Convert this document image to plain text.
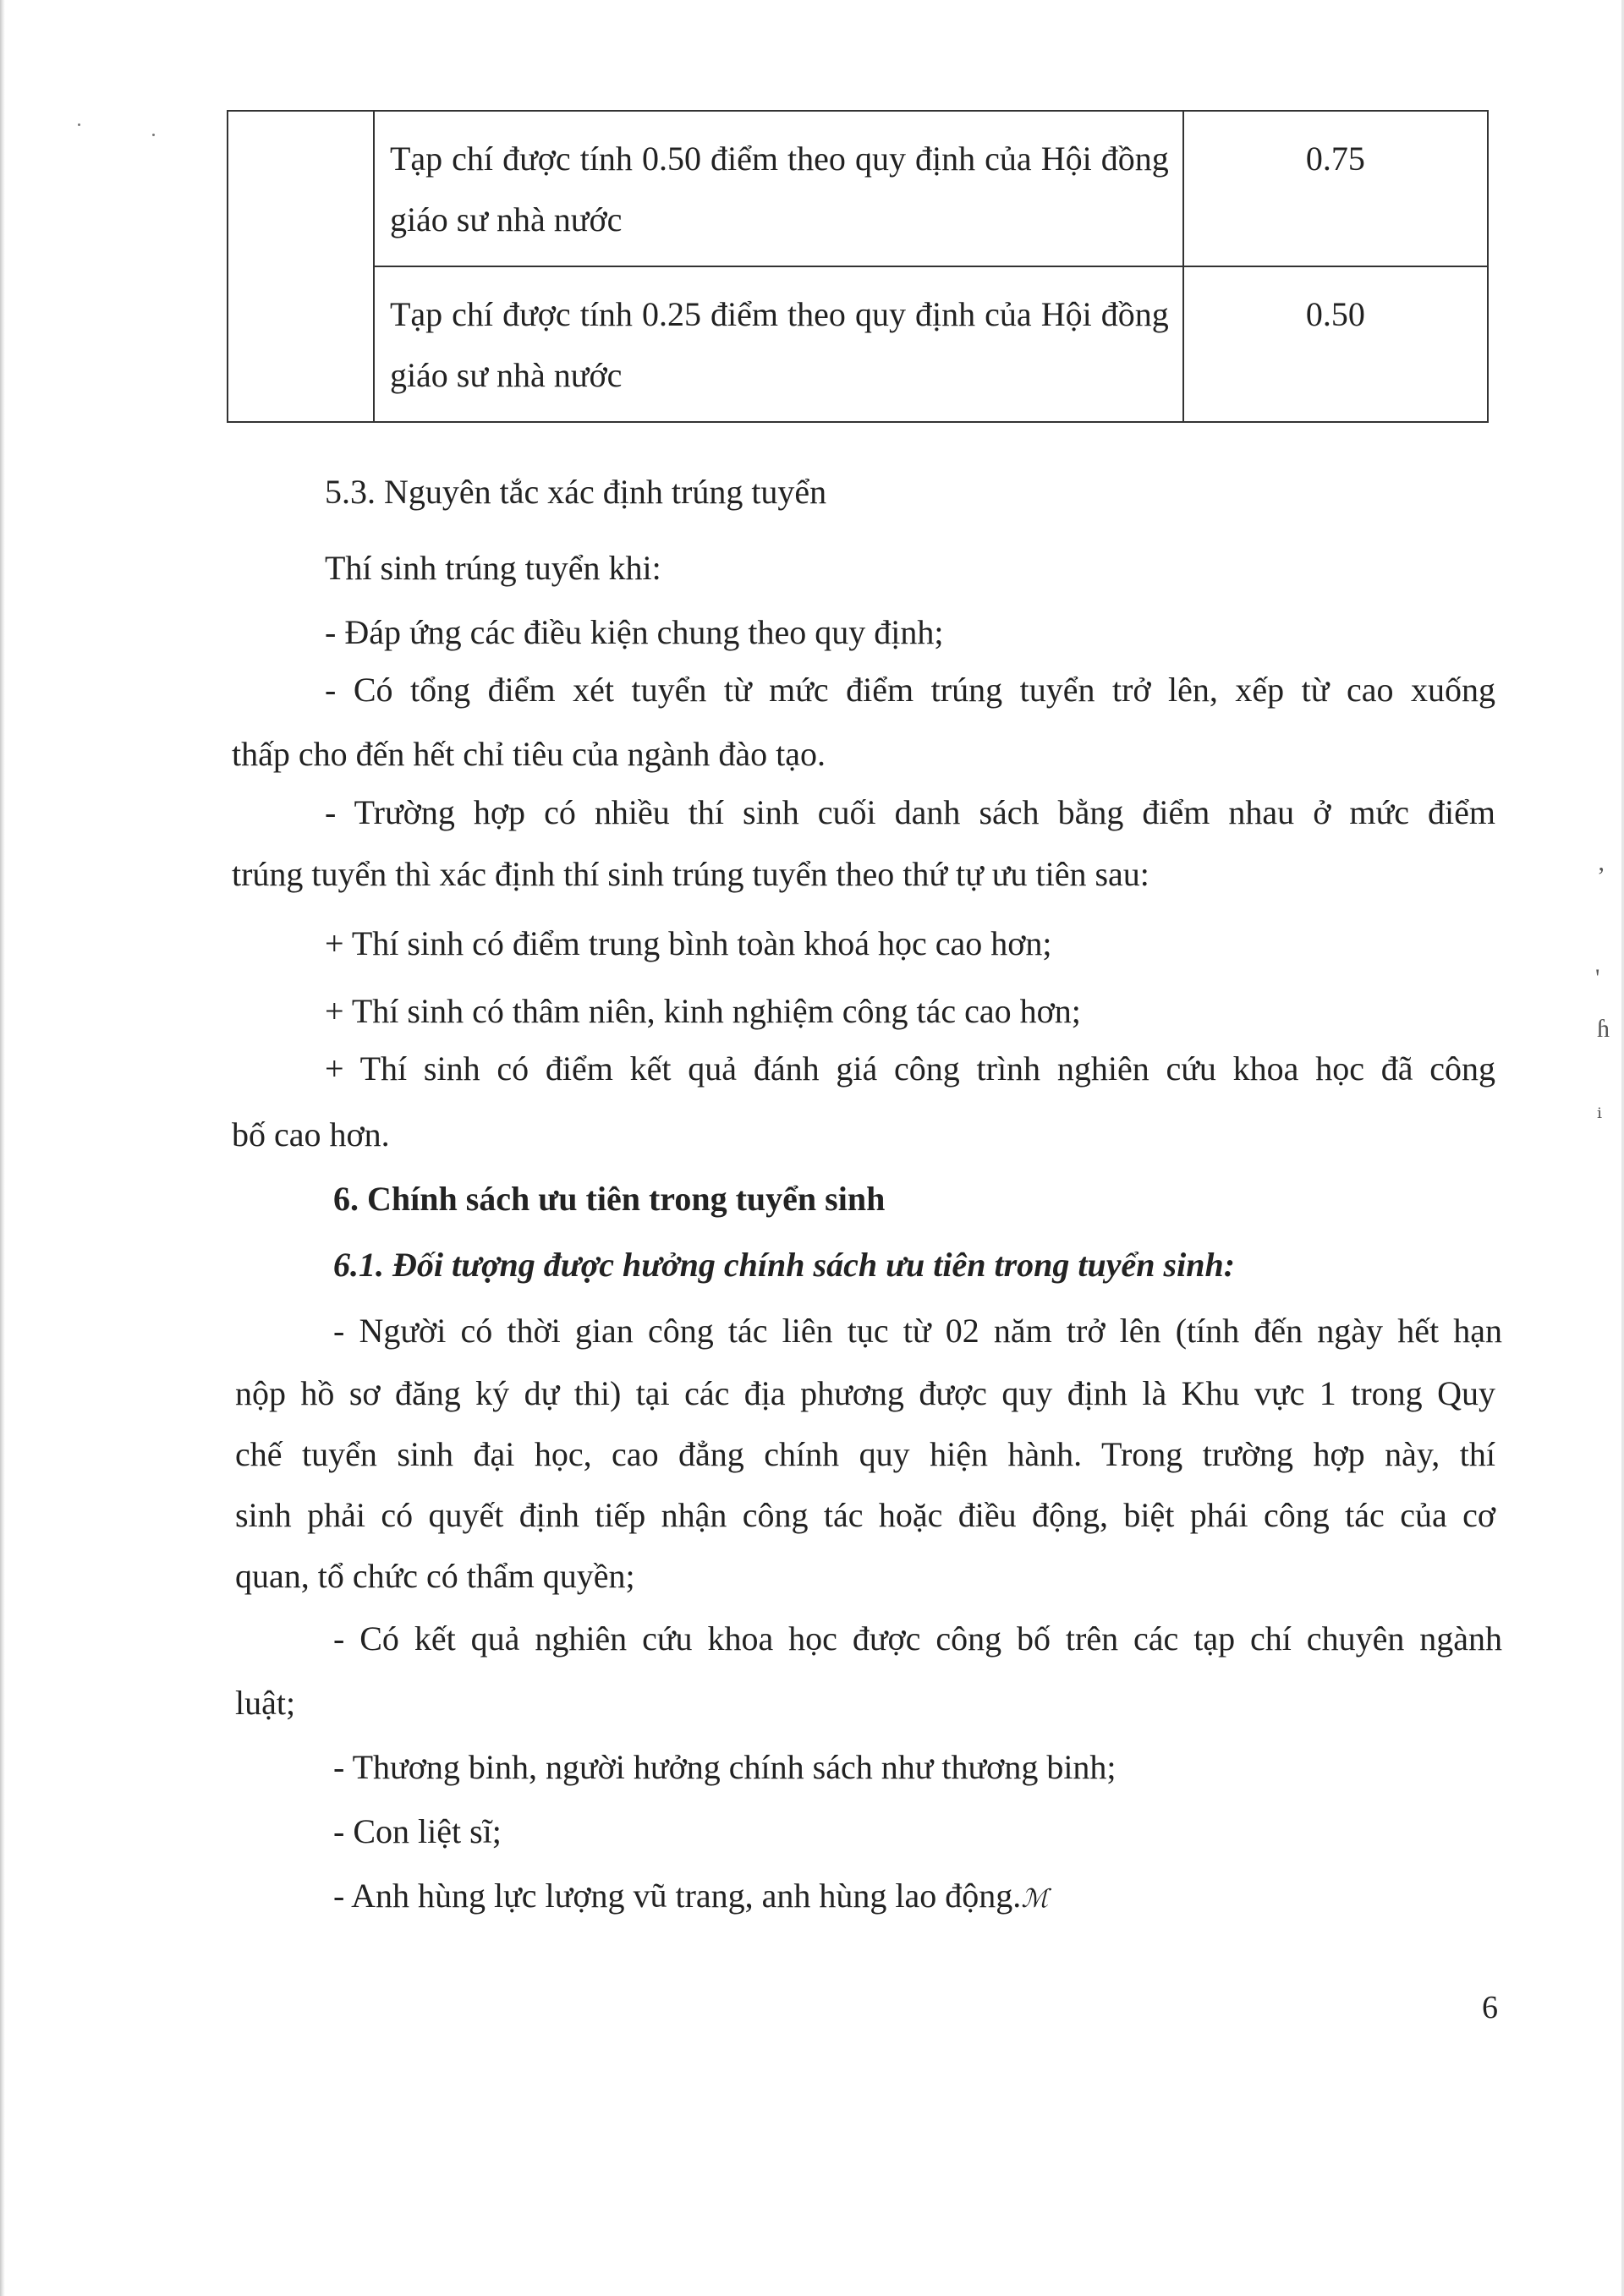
ʼ
'
ɦ
ⁱ

	Tạp chí được tính 0.50 điểm theo quy định của Hội đồng giáo sư nhà nước	0.75

	Tạp chí được tính 0.25 điểm theo quy định của Hội đồng giáo sư nhà nước	0.50
5.3. Nguyên tắc xác định trúng tuyển
Thí sinh trúng tuyển khi:
- Đáp ứng các điều kiện chung theo quy định;
- Có tổng điểm xét tuyển từ mức điểm trúng tuyển trở lên, xếp từ cao xuống
thấp cho đến hết chỉ tiêu của ngành đào tạo.
- Trường hợp có nhiều thí sinh cuối danh sách bằng điểm nhau ở mức điểm
trúng tuyển thì xác định thí sinh trúng tuyển theo thứ tự ưu tiên sau:
+ Thí sinh có điểm trung bình toàn khoá học cao hơn;
+ Thí sinh có thâm niên, kinh nghiệm công tác cao hơn;
+ Thí sinh có điểm kết quả đánh giá công trình nghiên cứu khoa học đã công
bố cao hơn.
6. Chính sách ưu tiên trong tuyển sinh
6.1. Đối tượng được hưởng chính sách ưu tiên trong tuyển sinh:
- Người có thời gian công tác liên tục từ 02 năm trở lên (tính đến ngày hết hạn
nộp hồ sơ đăng ký dự thi) tại các địa phương được quy định là Khu vực 1 trong Quy
chế tuyển sinh đại học, cao đẳng chính quy hiện hành. Trong trường hợp này, thí
sinh phải có quyết định tiếp nhận công tác hoặc điều động, biệt phái công tác của cơ
quan, tổ chức có thẩm quyền;
- Có kết quả nghiên cứu khoa học được công bố trên các tạp chí chuyên ngành
luật;
- Thương binh, người hưởng chính sách như thương binh;
- Con liệt sĩ;
- Anh hùng lực lượng vũ trang, anh hùng lao động.ℳ
6
